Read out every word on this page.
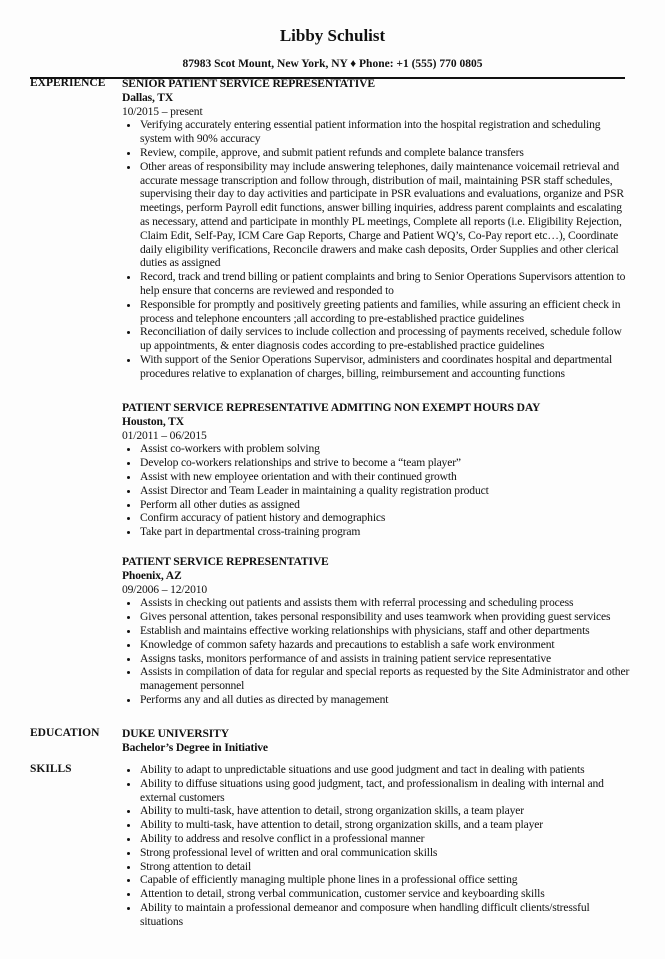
Libby Schulist
87983 Scot Mount, New York, NY ♦ Phone: +1 (555) 770 0805
EXPERIENCE SENIOR PATIENT SERVICE REPRESENTATIVE
Dallas, TX
10/2015 – present
• Verifying accurately entering essential patient information into the hospital registration and scheduling system with 90% accuracy
• Review, compile, approve, and submit patient refunds and complete balance transfers
• Other areas of responsibility may include answering telephones, daily maintenance voicemail retrieval and accurate message transcription and follow through, distribution of mail, maintaining PSR staff schedules, supervising their day to day activities and participate in PSR evaluations and evaluations, organize and PSR meetings, perform Payroll edit functions, answer billing inquiries, address parent complaints and escalating as necessary, attend and participate in monthly PL meetings, Complete all reports (i.e. Eligibility Rejection, Claim Edit, Self-Pay, ICM Care Gap Reports, Charge and Patient WQ’s, Co-Pay report etc…), Coordinate daily eligibility verifications, Reconcile drawers and make cash deposits, Order Supplies and other clerical duties as assigned
• Record, track and trend billing or patient complaints and bring to Senior Operations Supervisors attention to help ensure that concerns are reviewed and responded to
• Responsible for promptly and positively greeting patients and families, while assuring an efficient check in process and telephone encounters ;all according to pre-established practice guidelines
• Reconciliation of daily services to include collection and processing of payments received, schedule follow up appointments, & enter diagnosis codes according to pre-established practice guidelines
• With support of the Senior Operations Supervisor, administers and coordinates hospital and departmental procedures relative to explanation of charges, billing, reimbursement and accounting functions
PATIENT SERVICE REPRESENTATIVE ADMITING NON EXEMPT HOURS DAY
Houston, TX
01/2011 – 06/2015
• Assist co-workers with problem solving
• Develop co-workers relationships and strive to become a “team player”
• Assist with new employee orientation and with their continued growth
• Assist Director and Team Leader in maintaining a quality registration product
• Perform all other duties as assigned
• Confirm accuracy of patient history and demographics
• Take part in departmental cross-training program
PATIENT SERVICE REPRESENTATIVE
Phoenix, AZ
09/2006 – 12/2010
• Assists in checking out patients and assists them with referral processing and scheduling process
• Gives personal attention, takes personal responsibility and uses teamwork when providing guest services
• Establish and maintains effective working relationships with physicians, staff and other departments
• Knowledge of common safety hazards and precautions to establish a safe work environment
• Assigns tasks, monitors performance of and assists in training patient service representative
• Assists in compilation of data for regular and special reports as requested by the Site Administrator and other management personnel
• Performs any and all duties as directed by management
EDUCATION DUKE UNIVERSITY
Bachelor’s Degree in Initiative
SKILLS	• Ability to adapt to unpredictable situations and use good judgment and tact in dealing with patients
• Ability to diffuse situations using good judgment, tact, and professionalism in dealing with internal and external customers
• Ability to multi-task, have attention to detail, strong organization skills, a team player
• Ability to multi-task, have attention to detail, strong organization skills, and a team player
• Ability to address and resolve conflict in a professional manner
• Strong professional level of written and oral communication skills
• Strong attention to detail
• Capable of efficiently managing multiple phone lines in a professional office setting
• Attention to detail, strong verbal communication, customer service and keyboarding skills
• Ability to maintain a professional demeanor and composure when handling difficult clients/stressful situations
